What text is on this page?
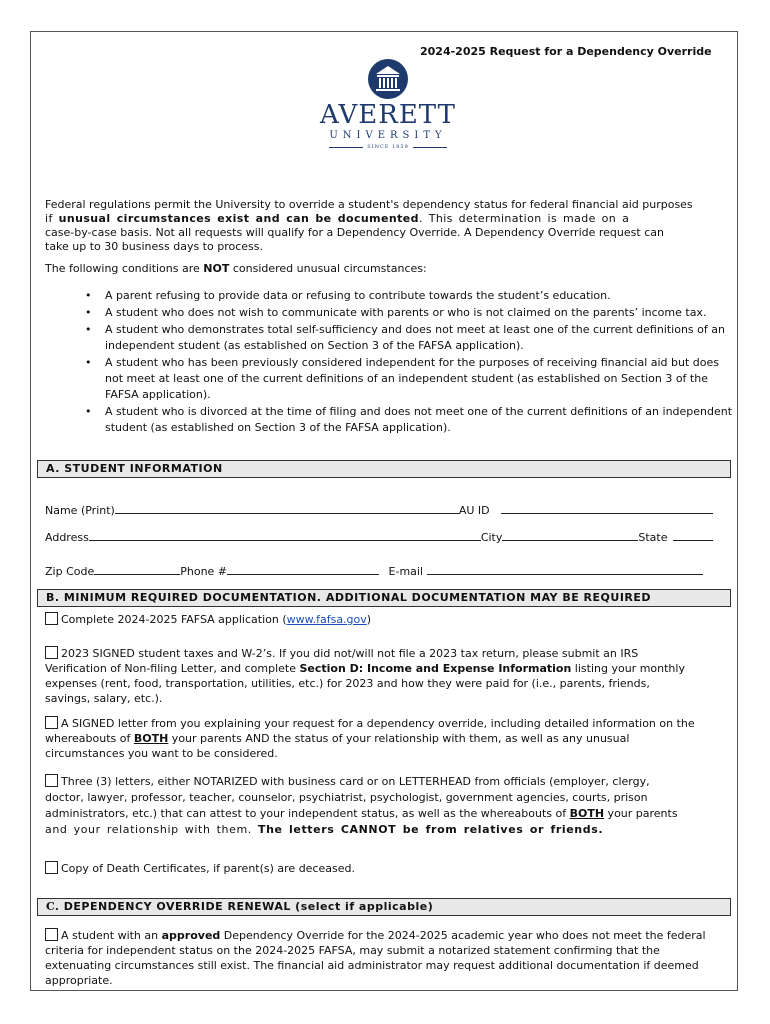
2024-2025 Request for a Dependency Override
AVERETT
UNIVERSITY
SINCE 1859
Federal regulations permit the University to override a student's dependency status for federal financial aid purposes
if unusual circumstances exist and can be documented. This determination is made on a
case-by-case basis. Not all requests will qualify for a Dependency Override. A Dependency Override request can
take up to 30 business days to process.
The following conditions are NOT considered unusual circumstances:
• A parent refusing to provide data or refusing to contribute towards the student’s education.
• A student who does not wish to communicate with parents or who is not claimed on the parents’ income tax.
• A student who demonstrates total self-sufficiency and does not meet at least one of the current definitions of an independent student (as established on Section 3 of the FAFSA application).
• A student who has been previously considered independent for the purposes of receiving financial aid but does not meet at least one of the current definitions of an independent student (as established on Section 3 of the FAFSA application).
• A student who is divorced at the time of filing and does not meet one of the current definitions of an independent student (as established on Section 3 of the FAFSA application).
A. STUDENT INFORMATION
Name (Print)	AU ID
Address	City	State
Zip Code	Phone #	E-mail
B. MINIMUM REQUIRED DOCUMENTATION. ADDITIONAL DOCUMENTATION MAY BE REQUIRED
Complete 2024-2025 FAFSA application (www.fafsa.gov)
2023 SIGNED student taxes and W-2’s. If you did not/will not file a 2023 tax return, please submit an IRS
Verification of Non-filing Letter, and complete Section D: Income and Expense Information listing your monthly
expenses (rent, food, transportation, utilities, etc.) for 2023 and how they were paid for (i.e., parents, friends,
savings, salary, etc.).
A SIGNED letter from you explaining your request for a dependency override, including detailed information on the
whereabouts of BOTH your parents AND the status of your relationship with them, as well as any unusual
circumstances you want to be considered.
Three (3) letters, either NOTARIZED with business card or on LETTERHEAD from officials (employer, clergy,
doctor, lawyer, professor, teacher, counselor, psychiatrist, psychologist, government agencies, courts, prison
administrators, etc.) that can attest to your independent status, as well as the whereabouts of BOTH your parents
and your relationship with them. The letters CANNOT be from relatives or friends.
Copy of Death Certificates, if parent(s) are deceased.
C. DEPENDENCY OVERRIDE RENEWAL (select if applicable)
A student with an approved Dependency Override for the 2024-2025 academic year who does not meet the federal
criteria for independent status on the 2024-2025 FAFSA, may submit a notarized statement confirming that the
extenuating circumstances still exist. The financial aid administrator may request additional documentation if deemed
appropriate.
